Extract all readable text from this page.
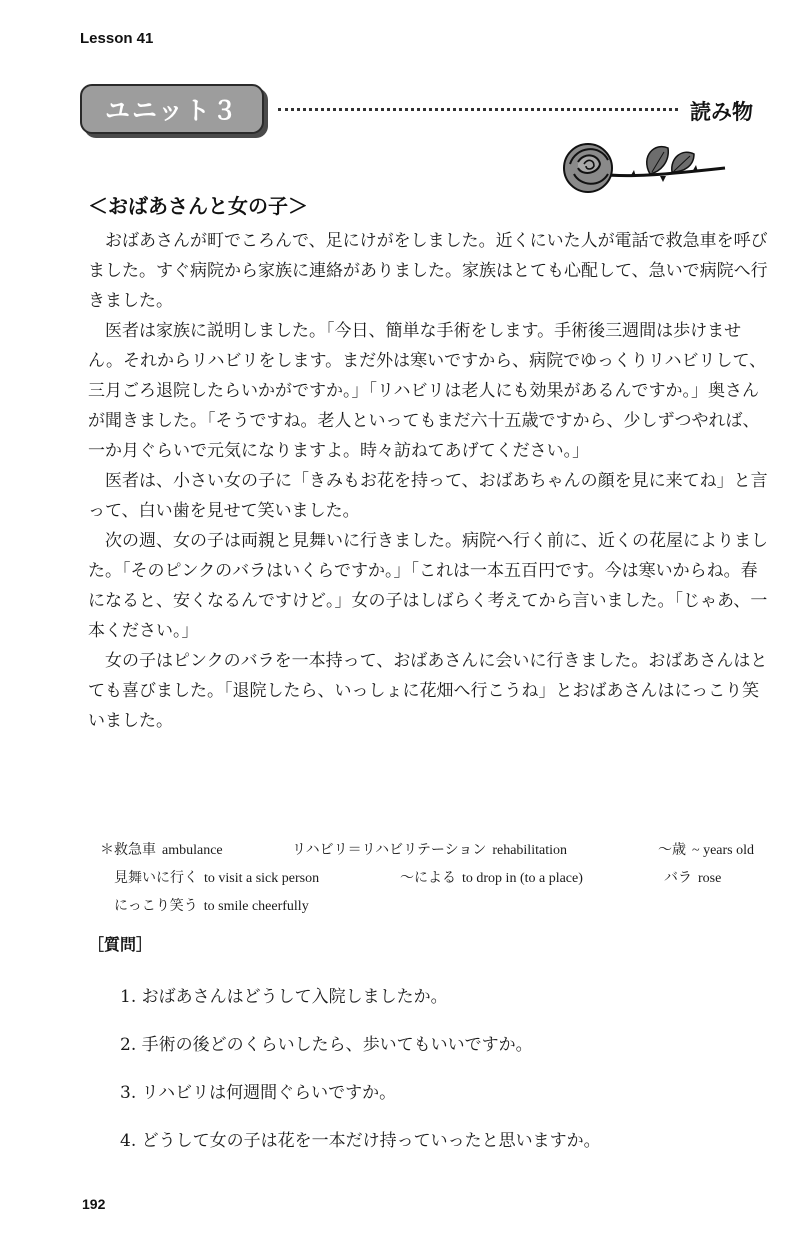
Lesson 41
ユニット３	読み物
＜おばあさんと女の子＞

おばあさんが町でころんで、足にけがをしました。近くにいた人が電話で救急車を呼びました。すぐ病院から家族に連絡がありました。家族はとても心配して、急いで病院へ行きました。

医者は家族に説明しました。「今日、簡単な手術をします。手術後三週間は歩けません。それからリハビリをします。まだ外は寒いですから、病院でゆっくりリハビリして、三月ごろ退院したらいかがですか。」「リハビリは老人にも効果があるんですか。」奥さんが聞きました。「そうですね。老人といってもまだ六十五歳ですから、少しずつやれば、一か月ぐらいで元気になりますよ。時々訪ねてあげてください。」

医者は、小さい女の子に「きみもお花を持って、おばあちゃんの顔を見に来てね」と言って、白い歯を見せて笑いました。

次の週、女の子は両親と見舞いに行きました。病院へ行く前に、近くの花屋によりました。「そのピンクのバラはいくらですか。」「これは一本五百円です。今は寒いからね。春になると、安くなるんですけど。」女の子はしばらく考えてから言いました。「じゃあ、一本ください。」

女の子はピンクのバラを一本持って、おばあさんに会いに行きました。おばあさんはとても喜びました。「退院したら、いっしょに花畑へ行こうね」とおばあさんはにっこり笑いました。

＊救急車 ambulance	リハビリ＝リハビリテーション rehabilitation	～歳 ~ years old
見舞いに行く to visit a sick person	～による to drop in (to a place)	バラ rose
にっこり笑う to smile cheerfully
［質問］
1. おばあさんはどうして入院しましたか。
2. 手術の後どのくらいしたら、歩いてもいいですか。
3. リハビリは何週間ぐらいですか。
4. どうして女の子は花を一本だけ持っていったと思いますか。
192
